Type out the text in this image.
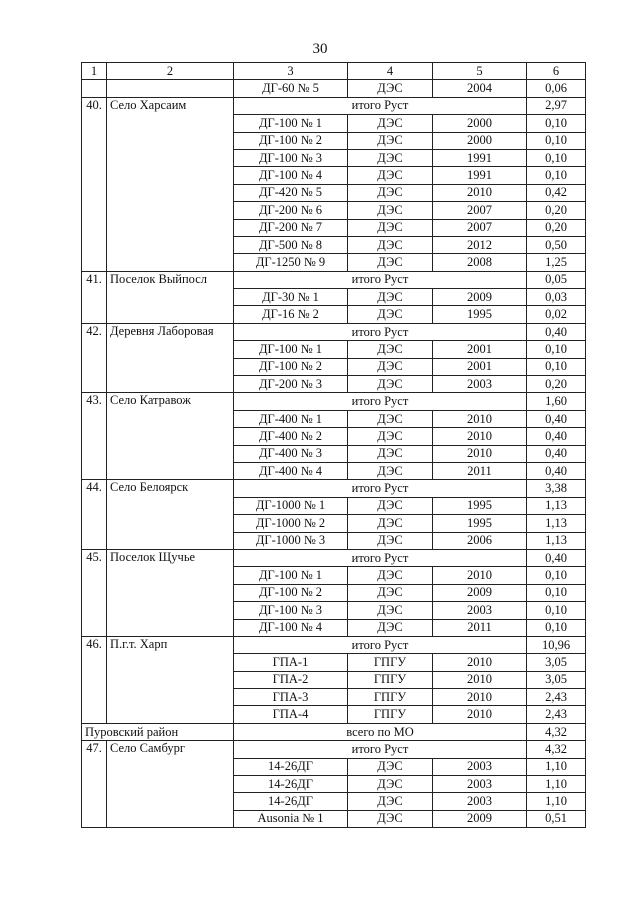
30
1	2	3	4	5	6
		ДГ-60 № 5	ДЭС	2004	0,06
40.	Село Харсаим	итого Руст			2,97
		ДГ-100 № 1	ДЭС	2000	0,10
		ДГ-100 № 2	ДЭС	2000	0,10
		ДГ-100 № 3	ДЭС	1991	0,10
		ДГ-100 № 4	ДЭС	1991	0,10
		ДГ-420 № 5	ДЭС	2010	0,42
		ДГ-200 № 6	ДЭС	2007	0,20
		ДГ-200 № 7	ДЭС	2007	0,20
		ДГ-500 № 8	ДЭС	2012	0,50
		ДГ-1250 № 9	ДЭС	2008	1,25
41.	Поселок Выйпосл	итого Руст			0,05
		ДГ-30 № 1	ДЭС	2009	0,03
		ДГ-16 № 2	ДЭС	1995	0,02
42.	Деревня Лаборовая	итого Руст			0,40
		ДГ-100 № 1	ДЭС	2001	0,10
		ДГ-100 № 2	ДЭС	2001	0,10
		ДГ-200 № 3	ДЭС	2003	0,20
43.	Село Катравож	итого Руст			1,60
		ДГ-400 № 1	ДЭС	2010	0,40
		ДГ-400 № 2	ДЭС	2010	0,40
		ДГ-400 № 3	ДЭС	2010	0,40
		ДГ-400 № 4	ДЭС	2011	0,40
44.	Село Белоярск	итого Руст			3,38
		ДГ-1000 № 1	ДЭС	1995	1,13
		ДГ-1000 № 2	ДЭС	1995	1,13
		ДГ-1000 № 3	ДЭС	2006	1,13
45.	Поселок Щучье	итого Руст			0,40
		ДГ-100 № 1	ДЭС	2010	0,10
		ДГ-100 № 2	ДЭС	2009	0,10
		ДГ-100 № 3	ДЭС	2003	0,10
		ДГ-100 № 4	ДЭС	2011	0,10
46.	П.г.т. Харп	итого Руст			10,96
		ГПА-1	ГПГУ	2010	3,05
		ГПА-2	ГПГУ	2010	3,05
		ГПА-3	ГПГУ	2010	2,43
		ГПА-4	ГПГУ	2010	2,43
Пуровский район		всего по МО			4,32
47.	Село Самбург	итого Руст			4,32
		14-26ДГ	ДЭС	2003	1,10
		14-26ДГ	ДЭС	2003	1,10
		14-26ДГ	ДЭС	2003	1,10
		Ausonia № 1	ДЭС	2009	0,51
